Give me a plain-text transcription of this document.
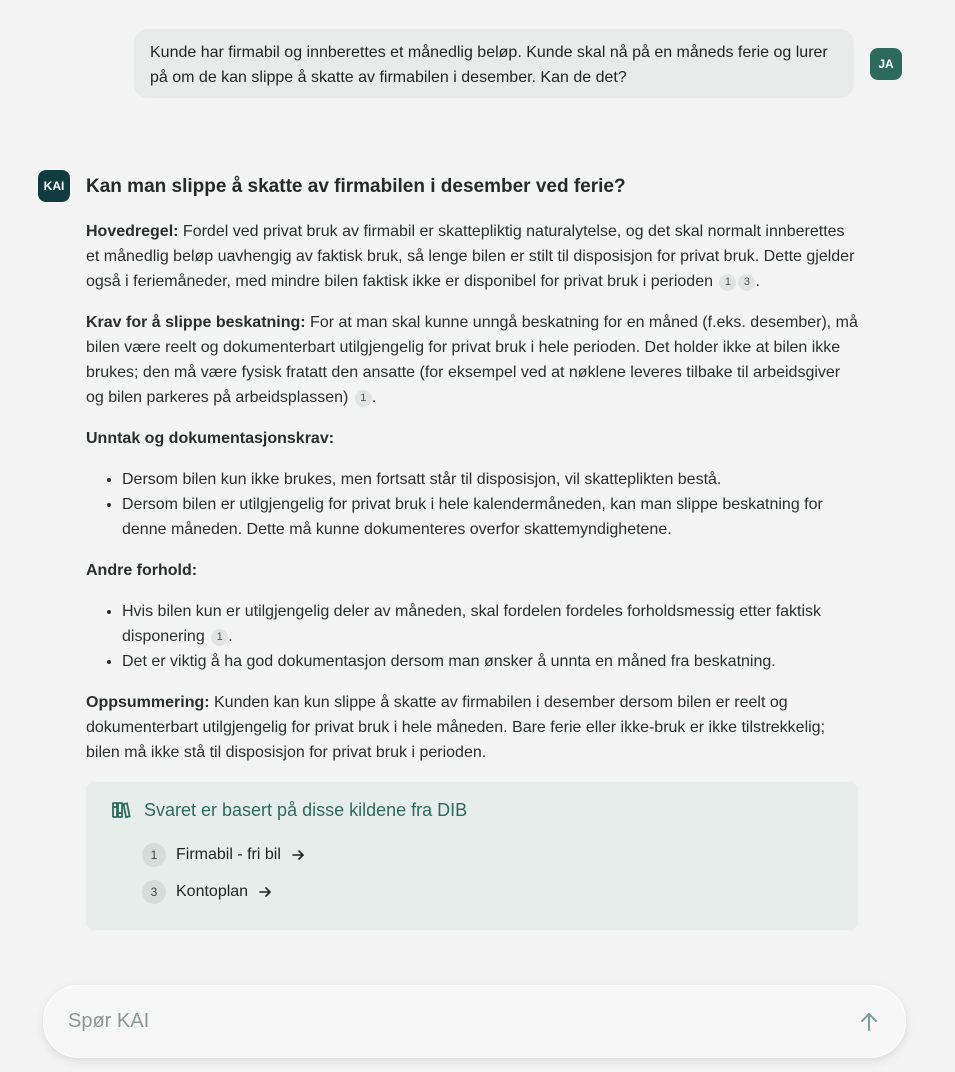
Kunde har firmabil og innberettes et månedlig beløp. Kunde skal nå på en måneds ferie og lurer på om de kan slippe å skatte av firmabilen i desember. Kan de det?
JA
KAI Kan man slippe å skatte av firmabilen i desember ved ferie?

Hovedregel: Fordel ved privat bruk av firmabil er skattepliktig naturalytelse, og det skal normalt innberettes et månedlig beløp uavhengig av faktisk bruk, så lenge bilen er stilt til disposisjon for privat bruk. Dette gjelder også i feriemåneder, med mindre bilen faktisk ikke er disponibel for privat bruk i perioden 1 3 .

Krav for å slippe beskatning: For at man skal kunne unngå beskatning for en måned (f.eks. desember), må bilen være reelt og dokumenterbart utilgjengelig for privat bruk i hele perioden. Det holder ikke at bilen ikke brukes; den må være fysisk fratatt den ansatte (for eksempel ved at nøklene leveres tilbake til arbeidsgiver og bilen parkeres på arbeidsplassen) 1 .

Unntak og dokumentasjonskrav:

• Dersom bilen kun ikke brukes, men fortsatt står til disposisjon, vil skatteplikten bestå.
• Dersom bilen er utilgjengelig for privat bruk i hele kalendermåneden, kan man slippe beskatning for denne måneden. Dette må kunne dokumenteres overfor skattemyndighetene.

Andre forhold:

• Hvis bilen kun er utilgjengelig deler av måneden, skal fordelen fordeles forholdsmessig etter faktisk disponering 1 .
• Det er viktig å ha god dokumentasjon dersom man ønsker å unnta en måned fra beskatning.

Oppsummering: Kunden kan kun slippe å skatte av firmabilen i desember dersom bilen er reelt og dokumenterbart utilgjengelig for privat bruk i hele måneden. Bare ferie eller ikke-bruk er ikke tilstrekkelig; bilen må ikke stå til disposisjon for privat bruk i perioden.

Svaret er basert på disse kildene fra DIB
1	Firmabil - fri bil
3	Kontoplan
Spør KAI
